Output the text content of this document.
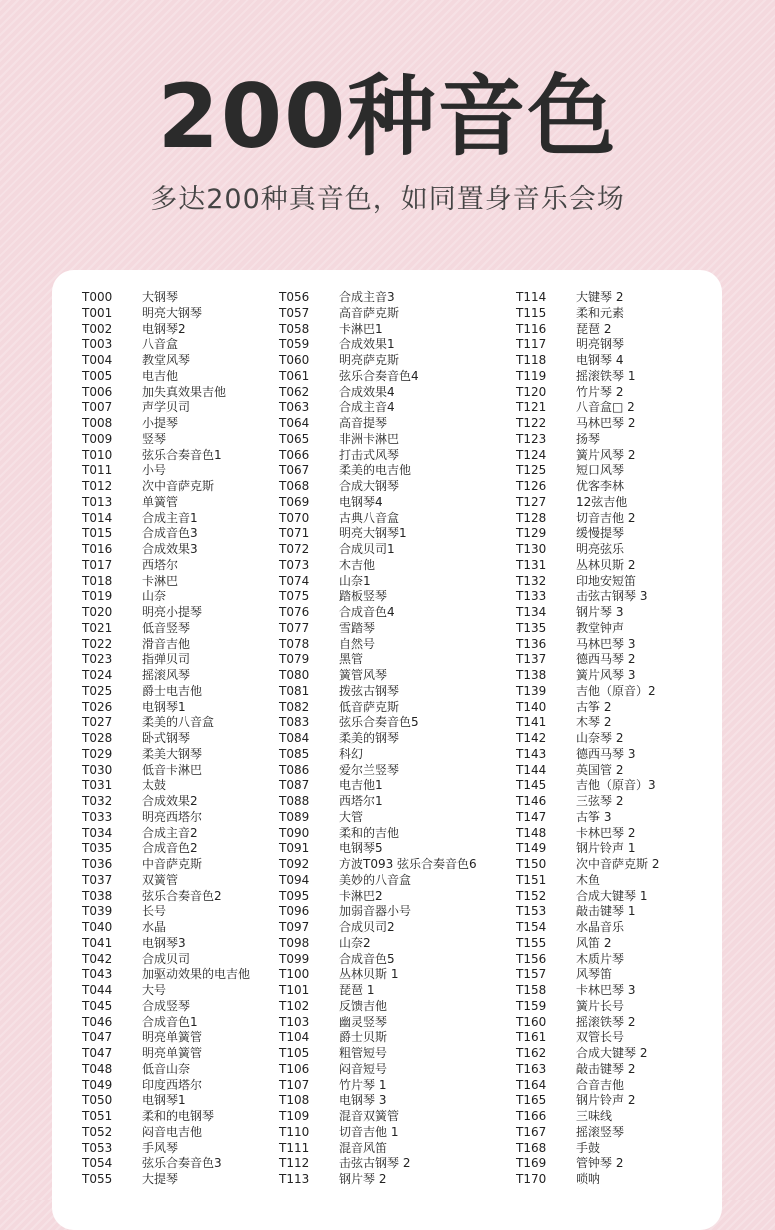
200种音色
多达200种真音色，如同置身音乐会场
T000 大钢琴
T001 明亮大钢琴
T002 电钢琴2
T003 八音盒
T004 教堂风琴
T005 电吉他
T006 加失真效果吉他
T007 声学贝司
T008 小提琴
T009 竖琴
T010 弦乐合奏音色1
T011 小号
T012 次中音萨克斯
T013 单簧管
T014 合成主音1
T015 合成音色3
T016 合成效果3
T017 西塔尔
T018 卡淋巴
T019 山奈
T020 明亮小提琴
T021 低音竖琴
T022 滑音吉他
T023 指弹贝司
T024 摇滚风琴
T025 爵士电吉他
T026 电钢琴1
T027 柔美的八音盒
T028 卧式钢琴
T029 柔美大钢琴
T030 低音卡淋巴
T031 太鼓
T032 合成效果2
T033 明亮西塔尔
T034 合成主音2
T035 合成音色2
T036 中音萨克斯
T037 双簧管
T038 弦乐合奏音色2
T039 长号
T040 水晶
T041 电钢琴3
T042 合成贝司
T043 加驱动效果的电吉他
T044 大号
T045 合成竖琴
T046 合成音色1
T047 明亮单簧管
T047 明亮单簧管
T048 低音山奈
T049 印度西塔尔
T050 电钢琴1
T051 柔和的电钢琴
T052 闷音电吉他
T053 手风琴
T054 弦乐合奏音色3
T055 大提琴
T056 合成主音3
T057 高音萨克斯
T058 卡淋巴1
T059 合成效果1
T060 明亮萨克斯
T061 弦乐合奏音色4
T062 合成效果4
T063 合成主音4
T064 高音提琴
T065 非洲卡淋巴
T066 打击式风琴
T067 柔美的电吉他
T068 合成大钢琴
T069 电钢琴4
T070 古典八音盒
T071 明亮大钢琴1
T072 合成贝司1
T073 木吉他
T074 山奈1
T075 踏板竖琴
T076 合成音色4
T077 雪踏琴
T078 自然号
T079 黑管
T080 簧管风琴
T081 拨弦古钢琴
T082 低音萨克斯
T083 弦乐合奏音色5
T084 柔美的钢琴
T085 科幻
T086 爱尔兰竖琴
T087 电吉他1
T088 西塔尔1
T089 大管
T090 柔和的吉他
T091 电钢琴5
T092 方波T093 弦乐合奏音色6
T094 美妙的八音盒
T095 卡淋巴2
T096 加弱音器小号
T097 合成贝司2
T098 山奈2
T099 合成音色5
T100 丛林贝斯 1
T101 琵琶 1
T102 反馈吉他
T103 幽灵竖琴
T104 爵士贝斯
T105 粗管短号
T106 闷音短号
T107 竹片琴 1
T108 电钢琴 3
T109 混音双簧管
T110 切音吉他 1
T111 混音风笛
T112 击弦古钢琴 2
T113 钢片琴 2
T114 大键琴 2
T115 柔和元素
T116 琵琶 2
T117 明亮钢琴
T118 电钢琴 4
T119 摇滚铁琴 1
T120 竹片琴 2
T121 八音盒□ 2
T122 马林巴琴 2
T123 扬琴
T124 簧片风琴 2
T125 短口风琴
T126 优客李林
T127 12弦吉他
T128 切音吉他 2
T129 缓慢提琴
T130 明亮弦乐
T131 丛林贝斯 2
T132 印地安短笛
T133 击弦古钢琴 3
T134 钢片琴 3
T135 教堂钟声
T136 马林巴琴 3
T137 德西马琴 2
T138 簧片风琴 3
T139 吉他（原音）2
T140 古筝 2
T141 木琴 2
T142 山奈琴 2
T143 德西马琴 3
T144 英国管 2
T145 吉他（原音）3
T146 三弦琴 2
T147 古筝 3
T148 卡林巴琴 2
T149 钢片铃声 1
T150 次中音萨克斯 2
T151 木鱼
T152 合成大键琴 1
T153 敲击键琴 1
T154 水晶音乐
T155 风笛 2
T156 木质片琴
T157 风琴笛
T158 卡林巴琴 3
T159 簧片长号
T160 摇滚铁琴 2
T161 双管长号
T162 合成大键琴 2
T163 敲击键琴 2
T164 合音吉他
T165 钢片铃声 2
T166 三味线
T167 摇滚竖琴
T168 手鼓
T169 管钟琴 2
T170 唢呐
